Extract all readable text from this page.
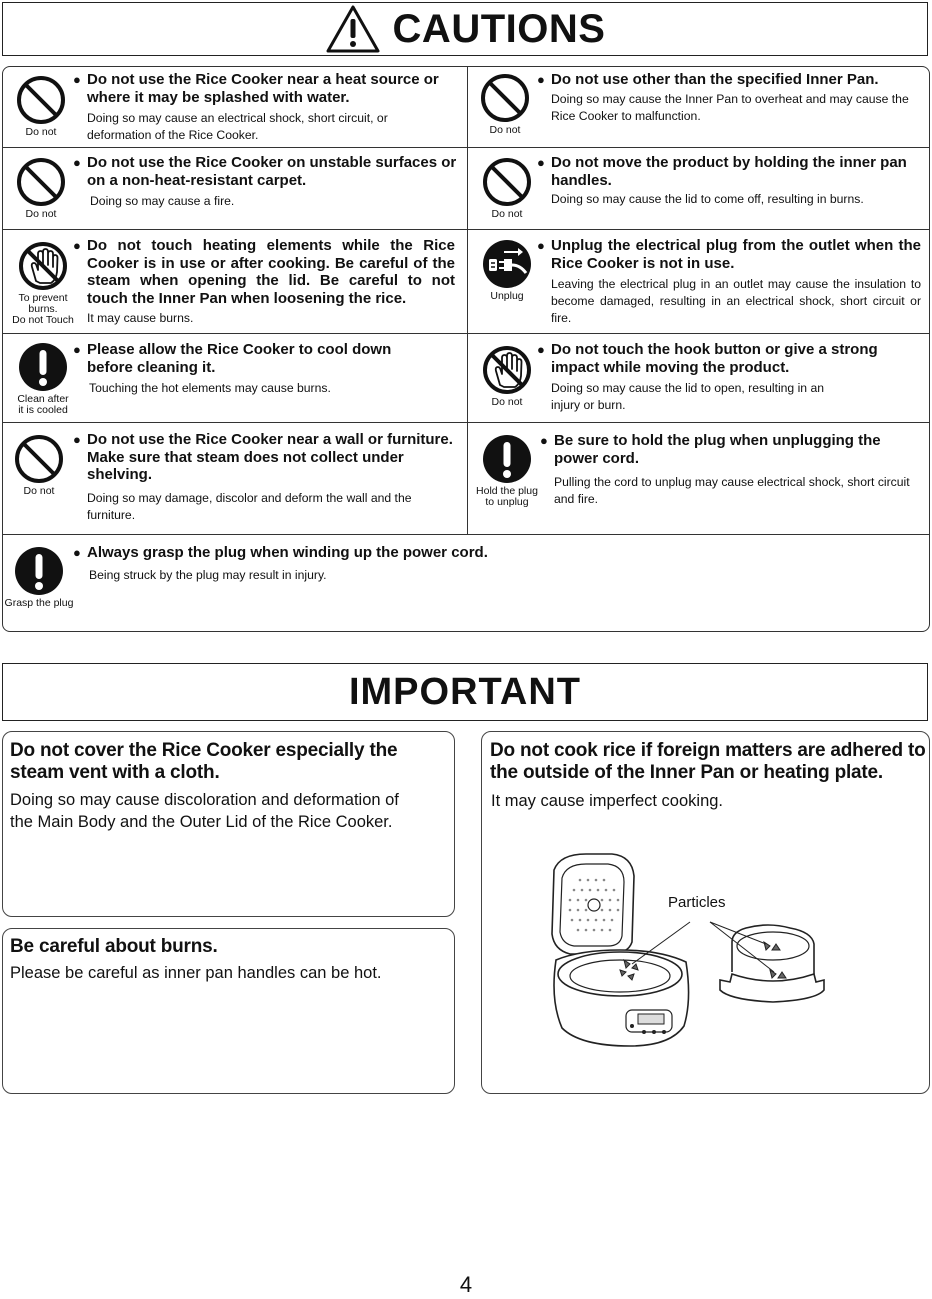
CAUTIONS
Do not
● Do not use the Rice Cooker near a heat source or where it may be splashed with water.
Doing so may cause an electrical shock, short circuit, or deformation of the Rice Cooker.	Do not
● Do not use other than the specified Inner Pan.
Doing so may cause the Inner Pan to overheat and may cause the Rice Cooker to malfunction.
Do not
● Do not use the Rice Cooker on unstable surfaces or on a non-heat-resistant carpet.
Doing so may cause a fire.
Do not
● Do not move the product by holding the inner pan handles.
Doing so may cause the lid to come off, resulting in burns.
To prevent burns.
Do not Touch
● Do not touch heating elements while the Rice Cooker is in use or after cooking. Be careful of the steam when opening the lid. Be careful to not touch the Inner Pan when loosening the rice.
It may cause burns.
Unplug
● Unplug the electrical plug from the outlet when the Rice Cooker is not in use.
Leaving the electrical plug in an outlet may cause the insulation to become damaged, resulting in an electrical shock, short circuit or fire.
Clean after
it is cooled
● Please allow the Rice Cooker to cool down before cleaning it.
Touching the hot elements may cause burns.
Do not
● Do not touch the hook button or give a strong impact while moving the product.
Doing so may cause the lid to open, resulting in an injury or burn.
Do not
● Do not use the Rice Cooker near a wall or furniture. Make sure that steam does not collect under shelving.
Doing so may damage, discolor and deform the wall and the furniture.
Hold the plug
to unplug
● Be sure to hold the plug when unplugging the power cord.
Pulling the cord to unplug may cause electrical shock, short circuit and fire.
Grasp the plug
● Always grasp the plug when winding up the power cord.
Being struck by the plug may result in injury.
IMPORTANT
Do not cover the Rice Cooker especially the steam vent with a cloth.
Doing so may cause discoloration and deformation of the Main Body and the Outer Lid of the Rice Cooker.
Be careful about burns.
Please be careful as inner pan handles can be hot.
Do not cook rice if foreign matters are adhered to the outside of the Inner Pan or heating plate.
It may cause imperfect cooking.
Particles
4
